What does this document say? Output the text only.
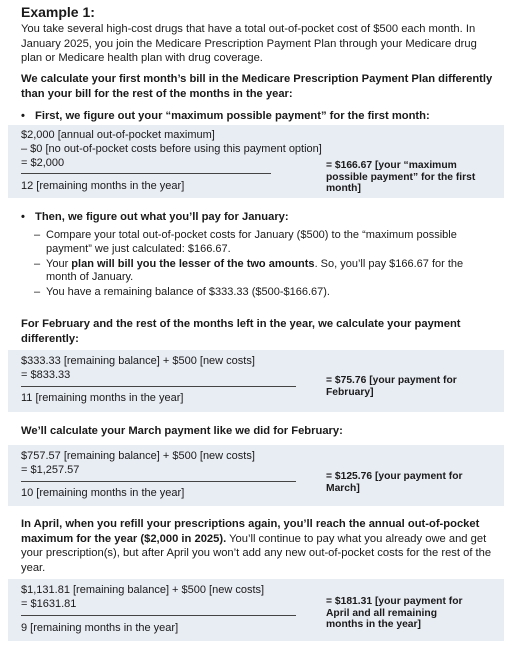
Example 1:
You take several high-cost drugs that have a total out-of-pocket cost of $500 each month. In January 2025, you join the Medicare Prescription Payment Plan through your Medicare drug plan or Medicare health plan with drug coverage.
We calculate your first month’s bill in the Medicare Prescription Payment Plan differently than your bill for the rest of the months in the year:
• First, we figure out your “maximum possible payment” for the first month:
$2,000 [annual out-of-pocket maximum]
– $0 [no out-of-pocket costs before using this payment option]
= $2,000
12 [remaining months in the year]
= $166.67 [your “maximum possible payment” for the first month]
• Then, we figure out what you’ll pay for January:
– Compare your total out-of-pocket costs for January ($500) to the “maximum possible payment” we just calculated: $166.67.
– Your plan will bill you the lesser of the two amounts. So, you’ll pay $166.67 for the month of January.
– You have a remaining balance of $333.33 ($500-$166.67).
For February and the rest of the months left in the year, we calculate your payment differently:
$333.33 [remaining balance] + $500 [new costs]
= $833.33
11 [remaining months in the year]
= $75.76 [your payment for February]
We’ll calculate your March payment like we did for February:
$757.57 [remaining balance] + $500 [new costs]
= $1,257.57
10 [remaining months in the year]
= $125.76 [your payment for March]
In April, when you refill your prescriptions again, you’ll reach the annual out-of-pocket maximum for the year ($2,000 in 2025). You’ll continue to pay what you already owe and get your prescription(s), but after April you won’t add any new out-of-pocket costs for the rest of the year.
$1,131.81 [remaining balance] + $500 [new costs]
= $1631.81
9 [remaining months in the year]
= $181.31 [your payment for April and all remaining months in the year]
